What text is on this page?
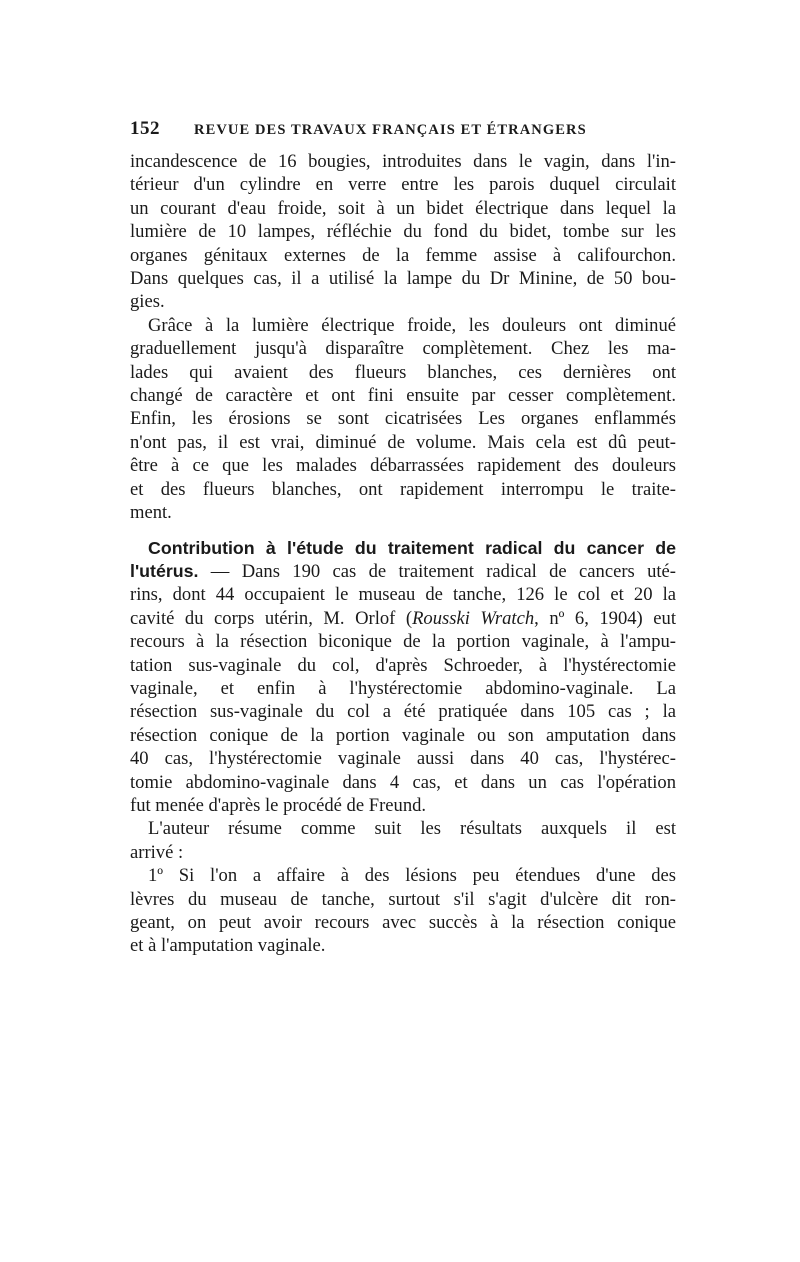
152	REVUE DES TRAVAUX FRANÇAIS ET ÉTRANGERS
incandescence de 16 bougies, introduites dans le vagin, dans l'in-
térieur d'un cylindre en verre entre les parois duquel circulait
un courant d'eau froide, soit à un bidet électrique dans lequel la
lumière de 10 lampes, réfléchie du fond du bidet, tombe sur les
organes génitaux externes de la femme assise à califourchon.
Dans quelques cas, il a utilisé la lampe du Dr Minine, de 50 bou-
gies.
Grâce à la lumière électrique froide, les douleurs ont diminué
graduellement jusqu'à disparaître complètement. Chez les ma-
lades qui avaient des flueurs blanches, ces dernières ont
changé de caractère et ont fini ensuite par cesser complètement.
Enfin, les érosions se sont cicatrisées Les organes enflammés
n'ont pas, il est vrai, diminué de volume. Mais cela est dû peut-
être à ce que les malades débarrassées rapidement des douleurs
et des flueurs blanches, ont rapidement interrompu le traite-
ment.
Contribution à l'étude du traitement radical du cancer de
l'utérus. — Dans 190 cas de traitement radical de cancers uté-
rins, dont 44 occupaient le museau de tanche, 126 le col et 20 la
cavité du corps utérin, M. Orlof (Rousski Wratch, nº 6, 1904) eut
recours à la résection biconique de la portion vaginale, à l'ampu-
tation sus-vaginale du col, d'après Schroeder, à l'hystérectomie
vaginale, et enfin à l'hystérectomie abdomino-vaginale. La
résection sus-vaginale du col a été pratiquée dans 105 cas ; la
résection conique de la portion vaginale ou son amputation dans
40 cas, l'hystérectomie vaginale aussi dans 40 cas, l'hystérec-
tomie abdomino-vaginale dans 4 cas, et dans un cas l'opération
fut menée d'après le procédé de Freund.
L'auteur résume comme suit les résultats auxquels il est
arrivé :
1º Si l'on a affaire à des lésions peu étendues d'une des
lèvres du museau de tanche, surtout s'il s'agit d'ulcère dit ron-
geant, on peut avoir recours avec succès à la résection conique
et à l'amputation vaginale.
